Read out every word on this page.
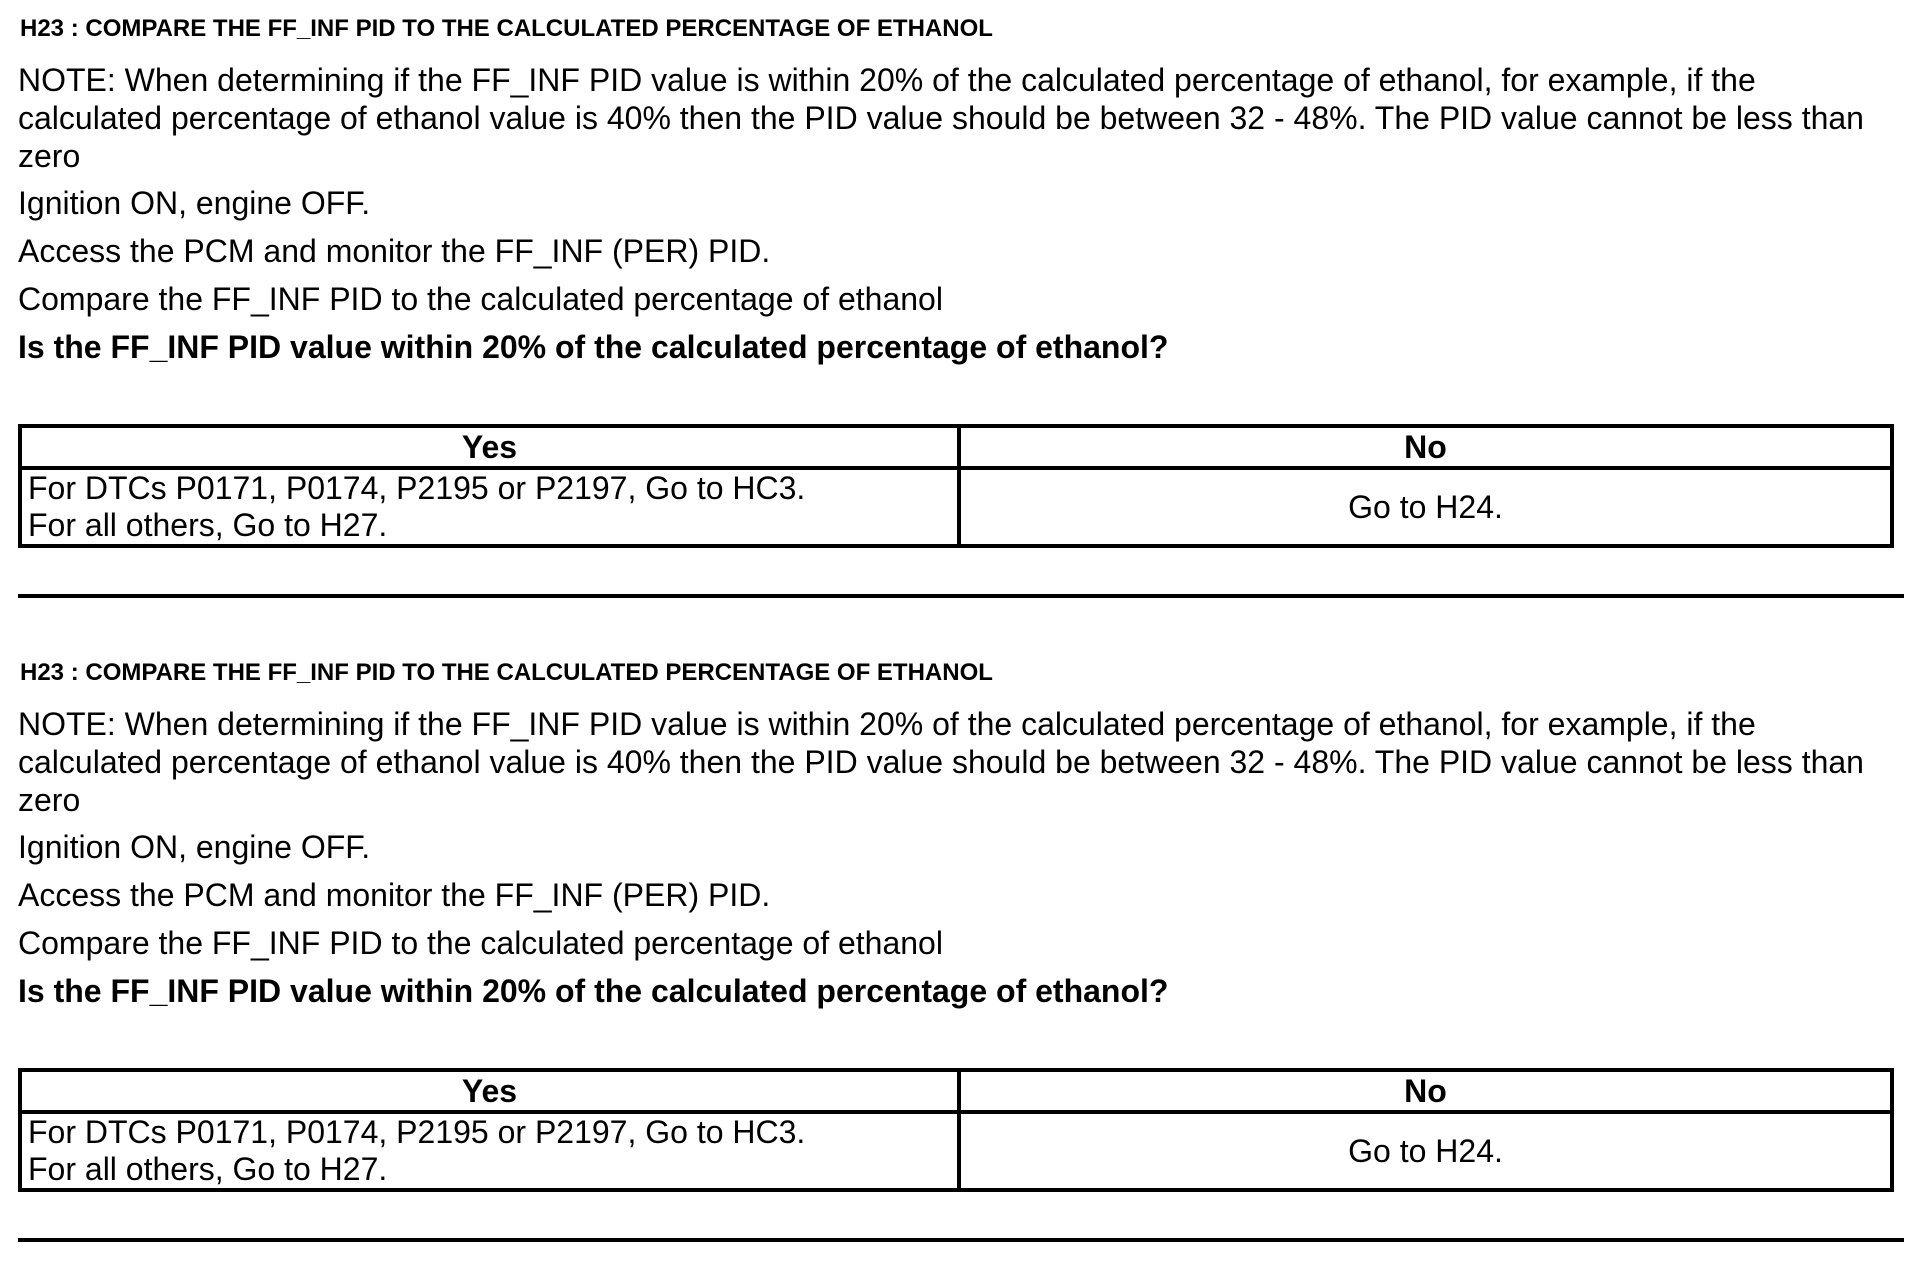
H23 : COMPARE THE FF_INF PID TO THE CALCULATED PERCENTAGE OF ETHANOL

NOTE: When determining if the FF_INF PID value is within 20% of the calculated percentage of ethanol, for example, if the calculated percentage of ethanol value is 40% then the PID value should be between 32 - 48%. The PID value cannot be less than zero

Ignition ON, engine OFF.
Access the PCM and monitor the FF_INF (PER) PID.
Compare the FF_INF PID to the calculated percentage of ethanol
Is the FF_INF PID value within 20% of the calculated percentage of ethanol?
Yes	No

For DTCs P0171, P0174, P2195 or P2197, Go to HC3.
For all others, Go to H27.	Go to H24.
H23 : COMPARE THE FF_INF PID TO THE CALCULATED PERCENTAGE OF ETHANOL

NOTE: When determining if the FF_INF PID value is within 20% of the calculated percentage of ethanol, for example, if the calculated percentage of ethanol value is 40% then the PID value should be between 32 - 48%. The PID value cannot be less than zero

Ignition ON, engine OFF.
Access the PCM and monitor the FF_INF (PER) PID.
Compare the FF_INF PID to the calculated percentage of ethanol
Is the FF_INF PID value within 20% of the calculated percentage of ethanol?
Yes	No

For DTCs P0171, P0174, P2195 or P2197, Go to HC3.
For all others, Go to H27.	Go to H24.
